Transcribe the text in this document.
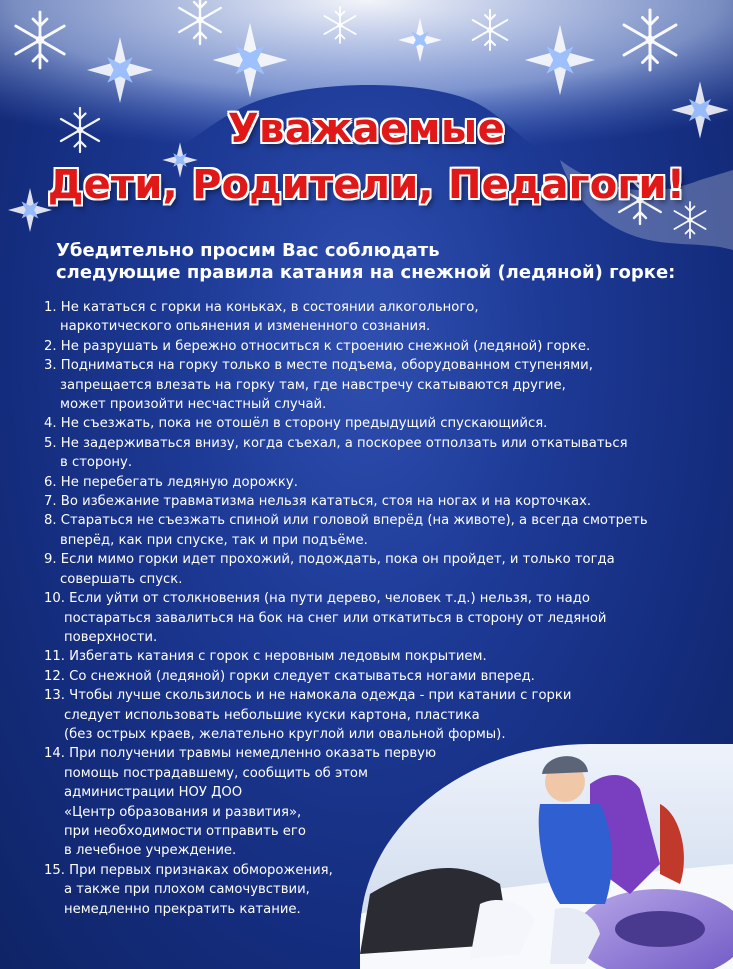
Уважаемые
Дети, Родители, Педагоги!
Убедительно просим Вас соблюдать
следующие правила катания на снежной (ледяной) горке:
1. Не кататься с горки на коньках, в состоянии алкогольного,
наркотического опьянения и измененного сознания.
2. Не разрушать и бережно относиться к строению снежной (ледяной) горке.
3. Подниматься на горку только в месте подъема, оборудованном ступенями,
запрещается влезать на горку там, где навстречу скатываются другие,
может произойти несчастный случай.
4. Не съезжать, пока не отошёл в сторону предыдущий спускающийся.
5. Не задерживаться внизу, когда съехал, а поскорее отползать или откатываться
в сторону.
6. Не перебегать ледяную дорожку.
7. Во избежание травматизма нельзя кататься, стоя на ногах и на корточках.
8. Стараться не съезжать спиной или головой вперёд (на животе), а всегда смотреть
вперёд, как при спуске, так и при подъёме.
9. Если мимо горки идет прохожий, подождать, пока он пройдет, и только тогда
совершать спуск.
10. Если уйти от столкновения (на пути дерево, человек т.д.) нельзя, то надо
постараться завалиться на бок на снег или откатиться в сторону от ледяной
поверхности.
11. Избегать катания с горок с неровным ледовым покрытием.
12. Со снежной (ледяной) горки следует скатываться ногами вперед.
13. Чтобы лучше скользилось и не намокала одежда - при катании с горки
следует использовать небольшие куски картона, пластика
(без острых краев, желательно круглой или овальной формы).
14. При получении травмы немедленно оказать первую
помощь пострадавшему, сообщить об этом
администрации НОУ ДОО
«Центр образования и развития»,
при необходимости отправить его
в лечебное учреждение.
15. При первых признаках обморожения,
а также при плохом самочувствии,
немедленно прекратить катание.
